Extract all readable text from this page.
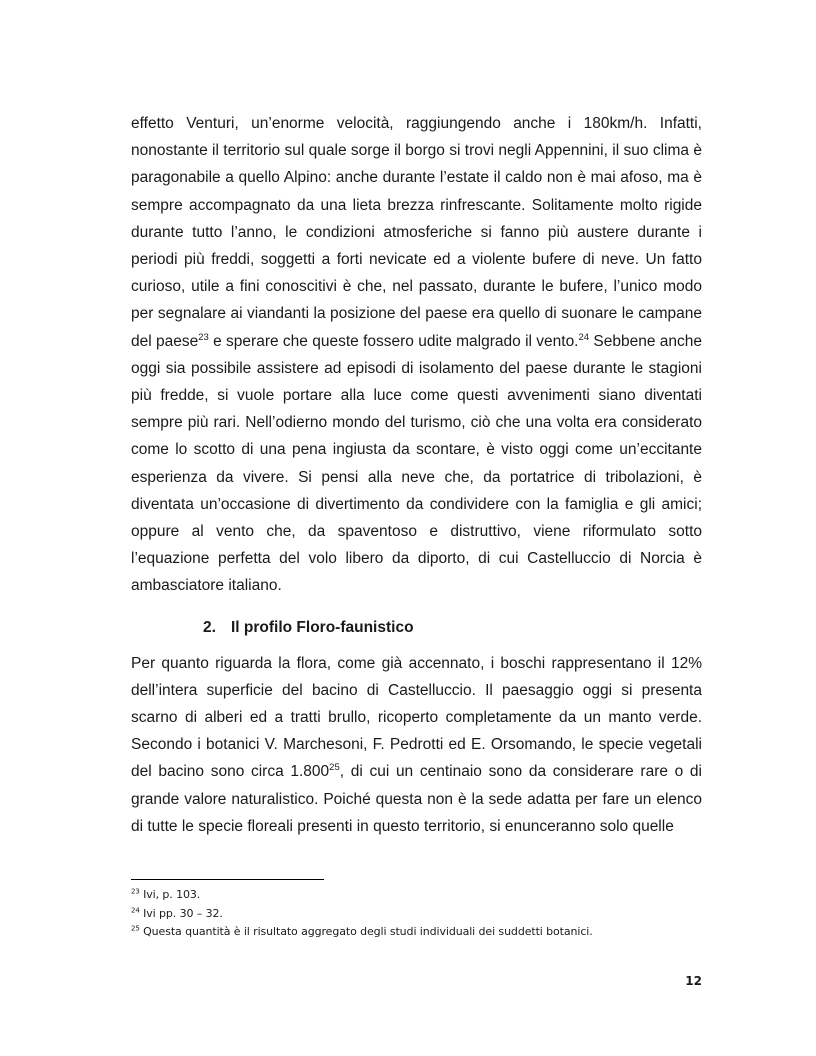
effetto Venturi, un’enorme velocità, raggiungendo anche i 180km/h. Infatti, nonostante il territorio sul quale sorge il borgo si trovi negli Appennini, il suo clima è paragonabile a quello Alpino: anche durante l’estate il caldo non è mai afoso, ma è sempre accompagnato da una lieta brezza rinfrescante. Solitamente molto rigide durante tutto l’anno, le condizioni atmosferiche si fanno più austere durante i periodi più freddi, soggetti a forti nevicate ed a violente bufere di neve. Un fatto curioso, utile a fini conoscitivi è che, nel passato, durante le bufere, l’unico modo per segnalare ai viandanti la posizione del paese era quello di suonare le campane del paese$^{23}$ e sperare che queste fossero udite malgrado il vento.$^{24}$ Sebbene anche oggi sia possibile assistere ad episodi di isolamento del paese durante le stagioni più fredde, si vuole portare alla luce come questi avvenimenti siano diventati sempre più rari. Nell’odierno mondo del turismo, ciò che una volta era considerato come lo scotto di una pena ingiusta da scontare, è visto oggi come un’eccitante esperienza da vivere. Si pensi alla neve che, da portatrice di tribolazioni, è diventata un’occasione di divertimento da condividere con la famiglia e gli amici; oppure al vento che, da spaventoso e distruttivo, viene riformulato sotto l’equazione perfetta del volo libero da diporto, di cui Castelluccio di Norcia è ambasciatore italiano.

2. Il profilo Floro-faunistico

Per quanto riguarda la flora, come già accennato, i boschi rappresentano il 12% dell’intera superficie del bacino di Castelluccio. Il paesaggio oggi si presenta scarno di alberi ed a tratti brullo, ricoperto completamente da un manto verde. Secondo i botanici V. Marchesoni, F. Pedrotti ed E. Orsomando, le specie vegetali del bacino sono circa 1.800$^{25}$, di cui un centinaio sono da considerare rare o di grande valore naturalistico. Poiché questa non è la sede adatta per fare un elenco di tutte le specie floreali presenti in questo territorio, si enunceranno solo quelle

$^{23}$ Ivi, p. 103.
$^{24}$ Ivi pp. 30 – 32.
$^{25}$ Questa quantità è il risultato aggregato degli studi individuali dei suddetti botanici.
12
